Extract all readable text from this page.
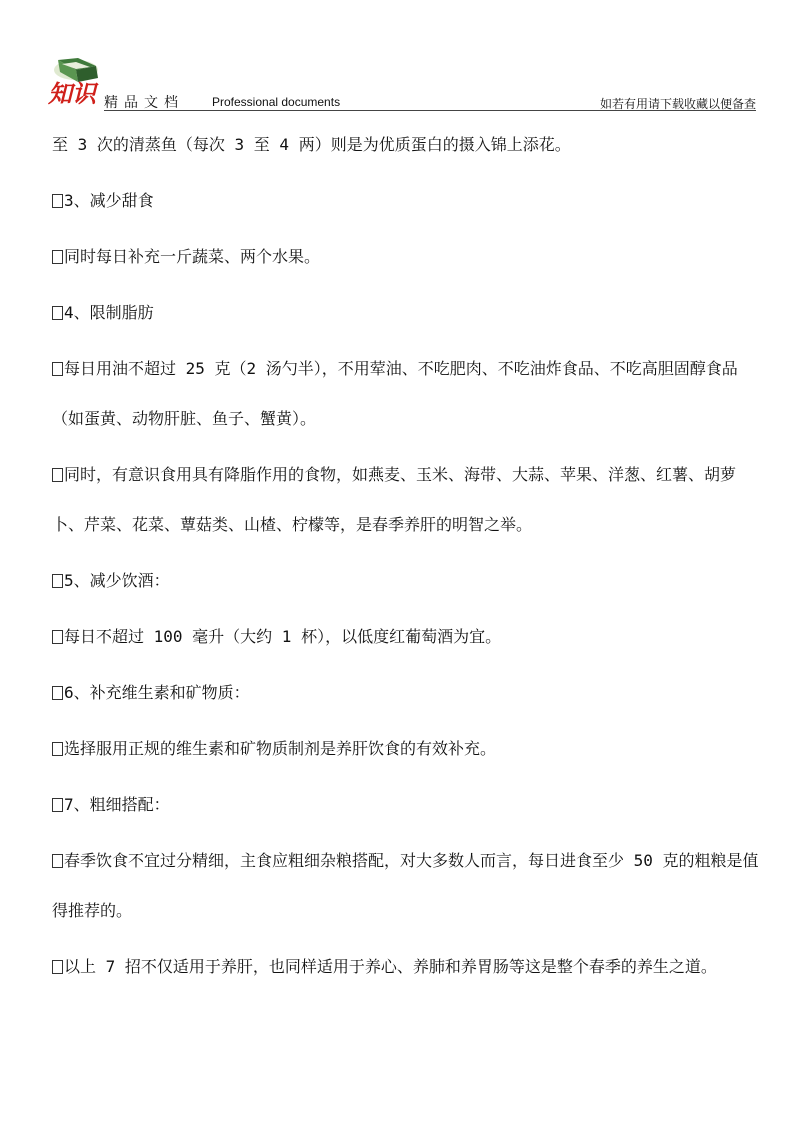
知识 精品文档 Professional documents	如若有用请下载收藏以便备查

至 3 次的清蒸鱼（每次 3 至 4 两）则是为优质蛋白的摄入锦上添花。

3、减少甜食

同时每日补充一斤蔬菜、两个水果。

4、限制脂肪

每日用油不超过 25 克（2 汤勺半），不用荤油、不吃肥肉、不吃油炸食品、不吃高胆固醇食品（如蛋黄、动物肝脏、鱼子、蟹黄）。

同时，有意识食用具有降脂作用的食物，如燕麦、玉米、海带、大蒜、苹果、洋葱、红薯、胡萝卜、芹菜、花菜、蕈菇类、山楂、柠檬等，是春季养肝的明智之举。

5、减少饮酒：

每日不超过 100 毫升（大约 1 杯），以低度红葡萄酒为宜。

6、补充维生素和矿物质：

选择服用正规的维生素和矿物质制剂是养肝饮食的有效补充。

7、粗细搭配：

春季饮食不宜过分精细，主食应粗细杂粮搭配，对大多数人而言，每日进食至少 50 克的粗粮是值得推荐的。

以上 7 招不仅适用于养肝，也同样适用于养心、养肺和养胃肠等这是整个春季的养生之道。
